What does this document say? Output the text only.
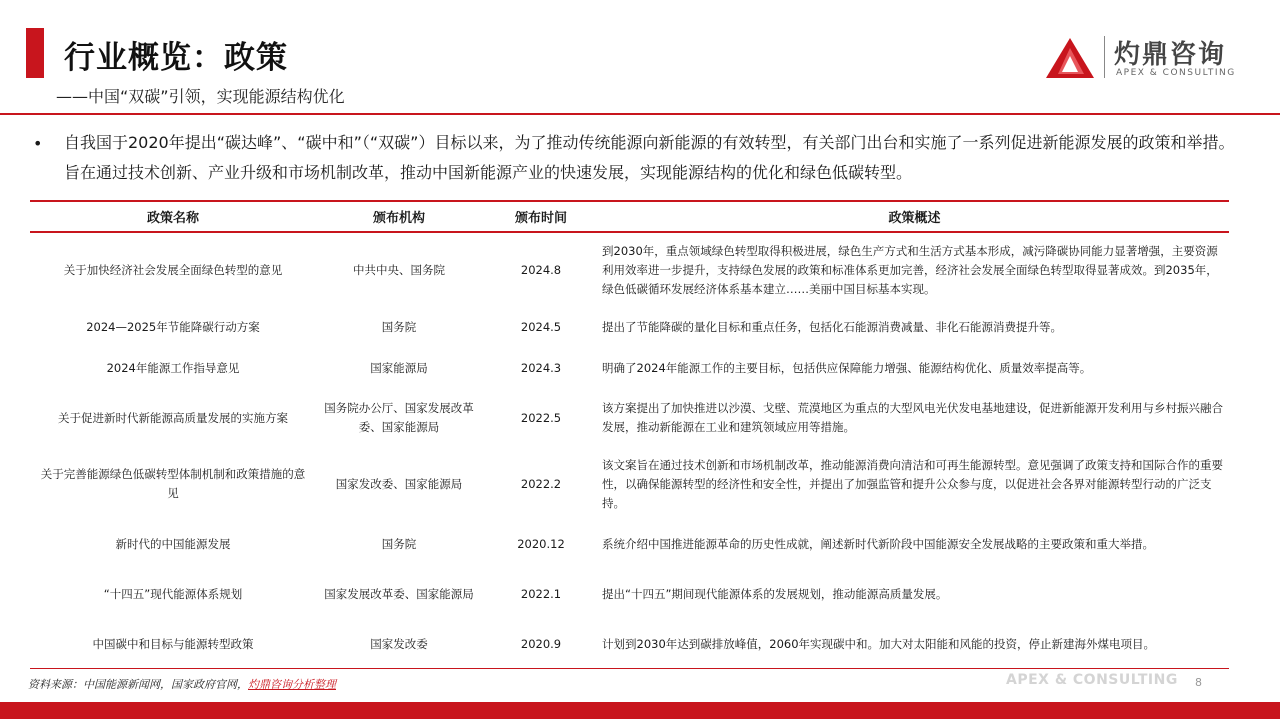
行业概览：政策
——中国“双碳”引领，实现能源结构优化
灼鼎咨询
APEX & CONSULTING
• 自我国于2020年提出“碳达峰”、“碳中和”（“双碳”）目标以来，为了推动传统能源向新能源的有效转型，有关部门出台和实施了一系列促进新能源发展的政策和举措。旨在通过技术创新、产业升级和市场机制改革，推动中国新能源产业的快速发展，实现能源结构的优化和绿色低碳转型。

政策名称	颁布机构	颁布时间	政策概述
关于加快经济社会发展全面绿色转型的意见	中共中央、国务院	2024.8	到2030年，重点领域绿色转型取得积极进展，绿色生产方式和生活方式基本形成，减污降碳协同能力显著增强，主要资源利用效率进一步提升，支持绿色发展的政策和标准体系更加完善，经济社会发展全面绿色转型取得显著成效。到2035年，绿色低碳循环发展经济体系基本建立……美丽中国目标基本实现。
2024—2025年节能降碳行动方案	国务院	2024.5	提出了节能降碳的量化目标和重点任务，包括化石能源消费减量、非化石能源消费提升等。
2024年能源工作指导意见	国家能源局	2024.3	明确了2024年能源工作的主要目标，包括供应保障能力增强、能源结构优化、质量效率提高等。
关于促进新时代新能源高质量发展的实施方案	国务院办公厅、国家发展改革委、国家能源局	2022.5	该方案提出了加快推进以沙漠、戈壁、荒漠地区为重点的大型风电光伏发电基地建设，促进新能源开发利用与乡村振兴融合发展，推动新能源在工业和建筑领域应用等措施。
关于完善能源绿色低碳转型体制机制和政策措施的意见	国家发改委、国家能源局	2022.2	该文案旨在通过技术创新和市场机制改革，推动能源消费向清洁和可再生能源转型。意见强调了政策支持和国际合作的重要性，以确保能源转型的经济性和安全性，并提出了加强监管和提升公众参与度，以促进社会各界对能源转型行动的广泛支持。
新时代的中国能源发展	国务院	2020.12	系统介绍中国推进能源革命的历史性成就，阐述新时代新阶段中国能源安全发展战略的主要政策和重大举措。
“十四五”现代能源体系规划	国家发展改革委、国家能源局	2022.1	提出“十四五”期间现代能源体系的发展规划，推动能源高质量发展。
中国碳中和目标与能源转型政策	国家发改委	2020.9	计划到2030年达到碳排放峰值，2060年实现碳中和。加大对太阳能和风能的投资，停止新建海外煤电项目。
资料来源：中国能源新闻网，国家政府官网，灼鼎咨询分析整理	APEX & CONSULTING 8
